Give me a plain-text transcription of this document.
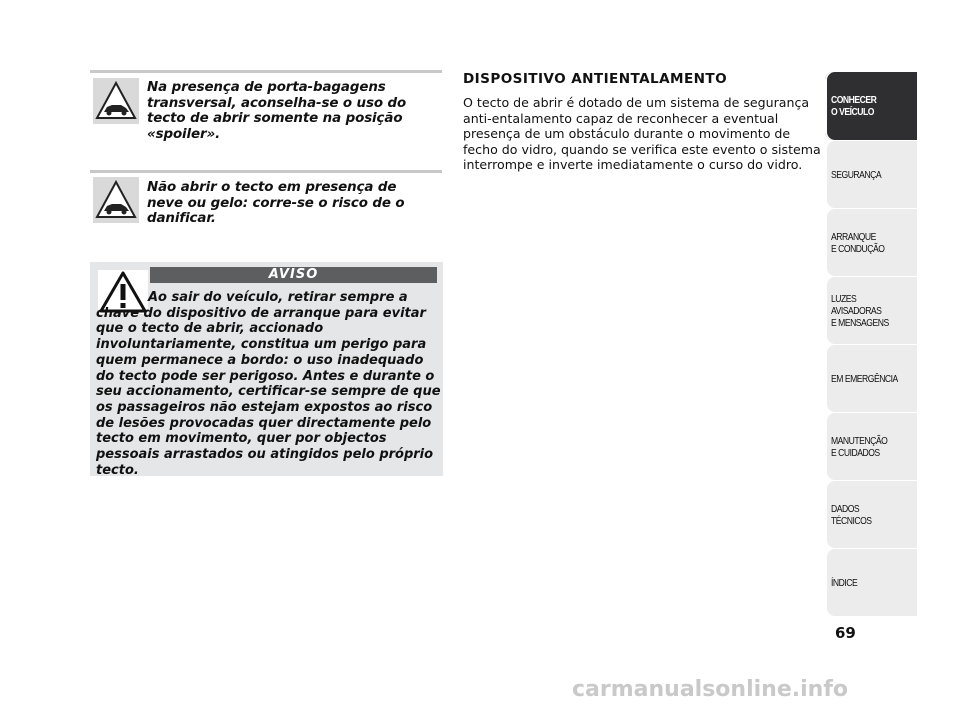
Na presença de porta-bagagens transversal, aconselha-se o uso do tecto de abrir somente na posição «spoiler».
Não abrir o tecto em presença de neve ou gelo: corre-se o risco de o danificar.
AVISO
Ao sair do veículo, retirar sempre a chave do dispositivo de arranque para evitar que o tecto de abrir, accionado involuntariamente, constitua um perigo para quem permanece a bordo: o uso inadequado do tecto pode ser perigoso. Antes e durante o seu accionamento, certificar-se sempre de que os passageiros não estejam expostos ao risco de lesões provocadas quer directamente pelo tecto em movimento, quer por objectos pessoais arrastados ou atingidos pelo próprio tecto.
DISPOSITIVO ANTIENTALAMENTO
O tecto de abrir é dotado de um sistema de segurança anti-entalamento capaz de reconhecer a eventual presença de um obstáculo durante o movimento de fecho do vidro, quando se verifica este evento o sistema interrompe e inverte imediatamente o curso do vidro.
CONHECER
O VEÍCULO
SEGURANÇA
ARRANQUE
E CONDUÇÃO
LUZES
AVISADORAS
E MENSAGENS
EM EMERGÊNCIA
MANUTENÇÃO
E CUIDADOS
DADOS
TÉCNICOS
ÍNDICE
69
carmanualsonline.info
